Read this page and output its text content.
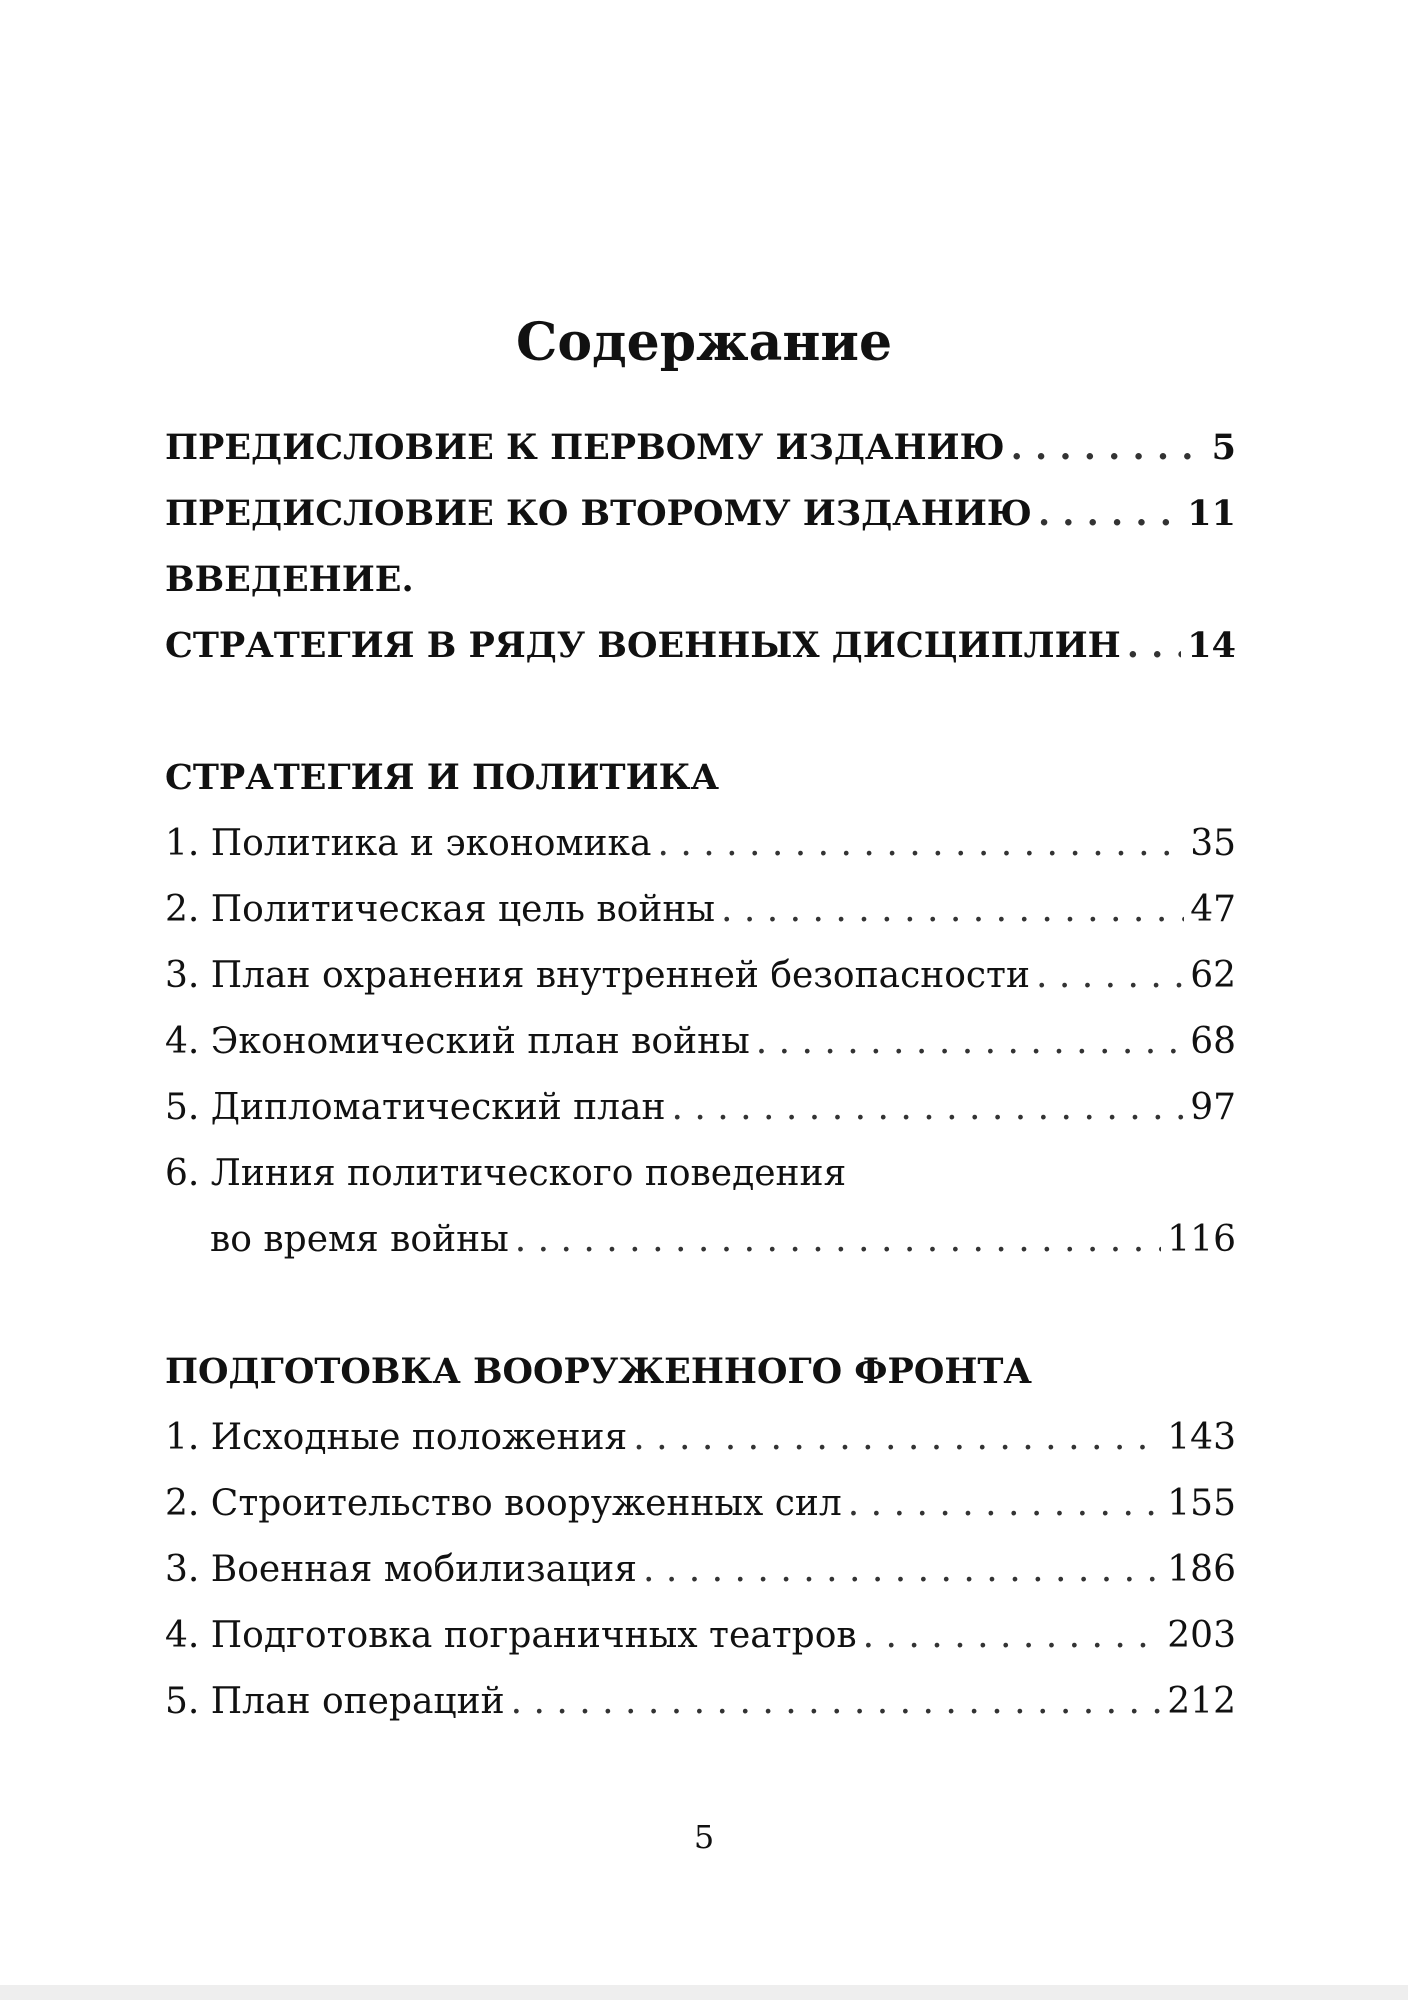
Содержание
ПРЕДИСЛОВИЕ К ПЕРВОМУ ИЗДАНИЮ . . .	5
ПРЕДИСЛОВИЕ КО ВТОРОМУ ИЗДАНИЮ . . .	11
ВВЕДЕНИЕ.
СТРАТЕГИЯ В РЯДУ ВОЕННЫХ ДИСЦИПЛИН . . . 14
СТРАТЕГИЯ И ПОЛИТИКА
1. Политика и экономика . . .	35
2. Политическая цель войны . . .	47
3. План охранения внутренней безопасности . . .	62
4. Экономический план войны . . .	68
5. Дипломатический план . . .	97
6. Линия политического поведения
во время войны . . .	116
ПОДГОТОВКА ВООРУЖЕННОГО ФРОНТА
1. Исходные положения . . .	143
2. Строительство вооруженных сил . . .	155
3. Военная мобилизация . . .	186
4. Подготовка пограничных театров . . .	203
5. План операций . . .	212
5
